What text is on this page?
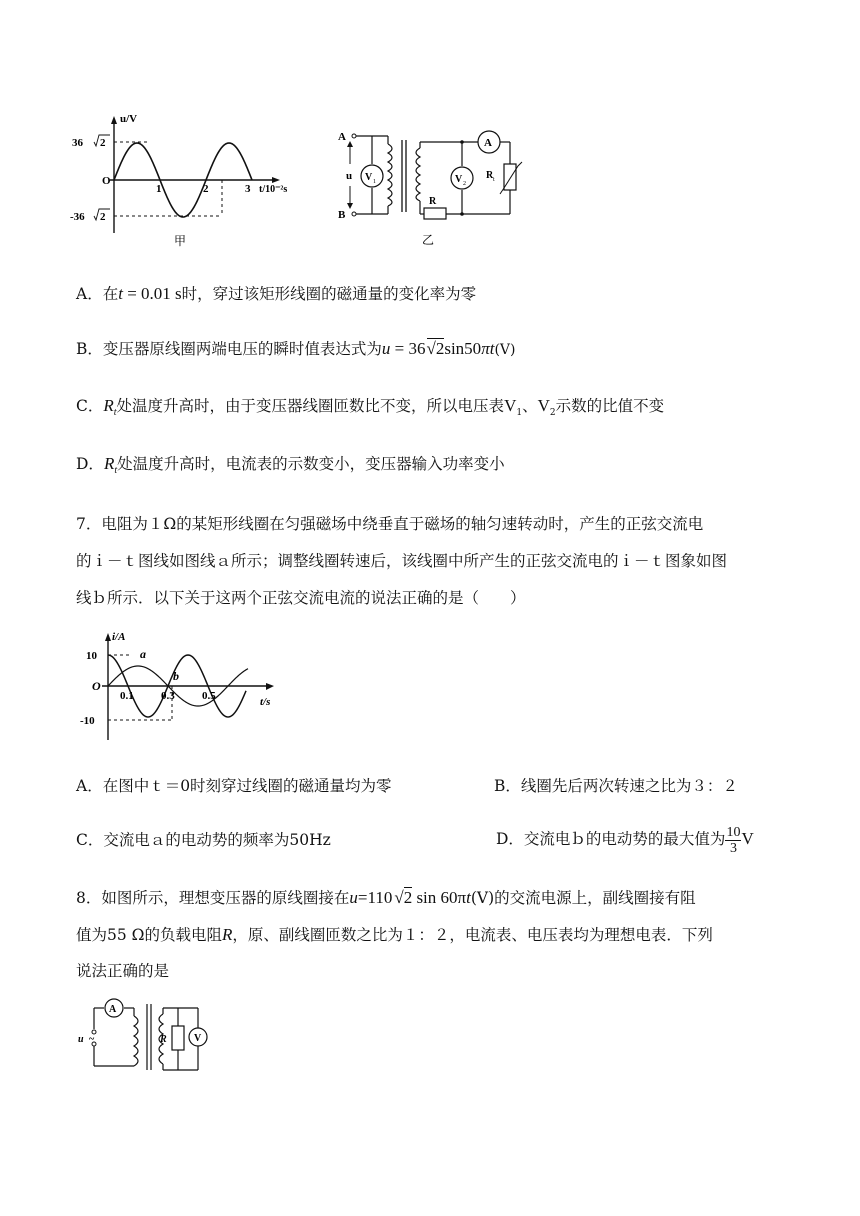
u/V
36 2
O
-36 2
1	2	3 t/10⁻²s
甲
A
B
u V 1
A
R t
V 2
R
乙
A．在t = 0.01 s时，穿过该矩形线圈的磁通量的变化率为零
B．变压器原线圈两端电压的瞬时值表达式为u = 36√2sin50πt(V)
C．$R_t$处温度升高时，由于变压器线圈匝数比不变，所以电压表$V_1$、$V_2$示数的比值不变
D．$R_t$处温度升高时，电流表的示数变小，变压器输入功率变小
7．电阻为１Ω的某矩形线圈在匀强磁场中绕垂直于磁场的轴匀速转动时，产生的正弦交流电
的ｉ－ｔ图线如图线ａ所示；调整线圈转速后，该线圈中所产生的正弦交流电的ｉ－ｔ图象如图
线ｂ所示．以下关于这两个正弦交流电流的说法正确的是（　　）
i/A
10
O
-10
0.1 0.3 0.5	t/s
a
b
A．在图中ｔ＝0时刻穿过线圈的磁通量均为零	B．线圈先后两次转速之比为３：２
C．交流电ａ的电动势的频率为50Hz	D．交流电ｂ的电动势的最大值为 $\frac{10}{3}$ V
8．如图所示，理想变压器的原线圈接在u=110 √2 sin 60πt(V)的交流电源上，副线圈接有阻
值为55 Ω的负载电阻R，原、副线圈匝数之比为１：２，电流表、电压表均为理想电表．下列
说法正确的是
A
u ~	R	V
